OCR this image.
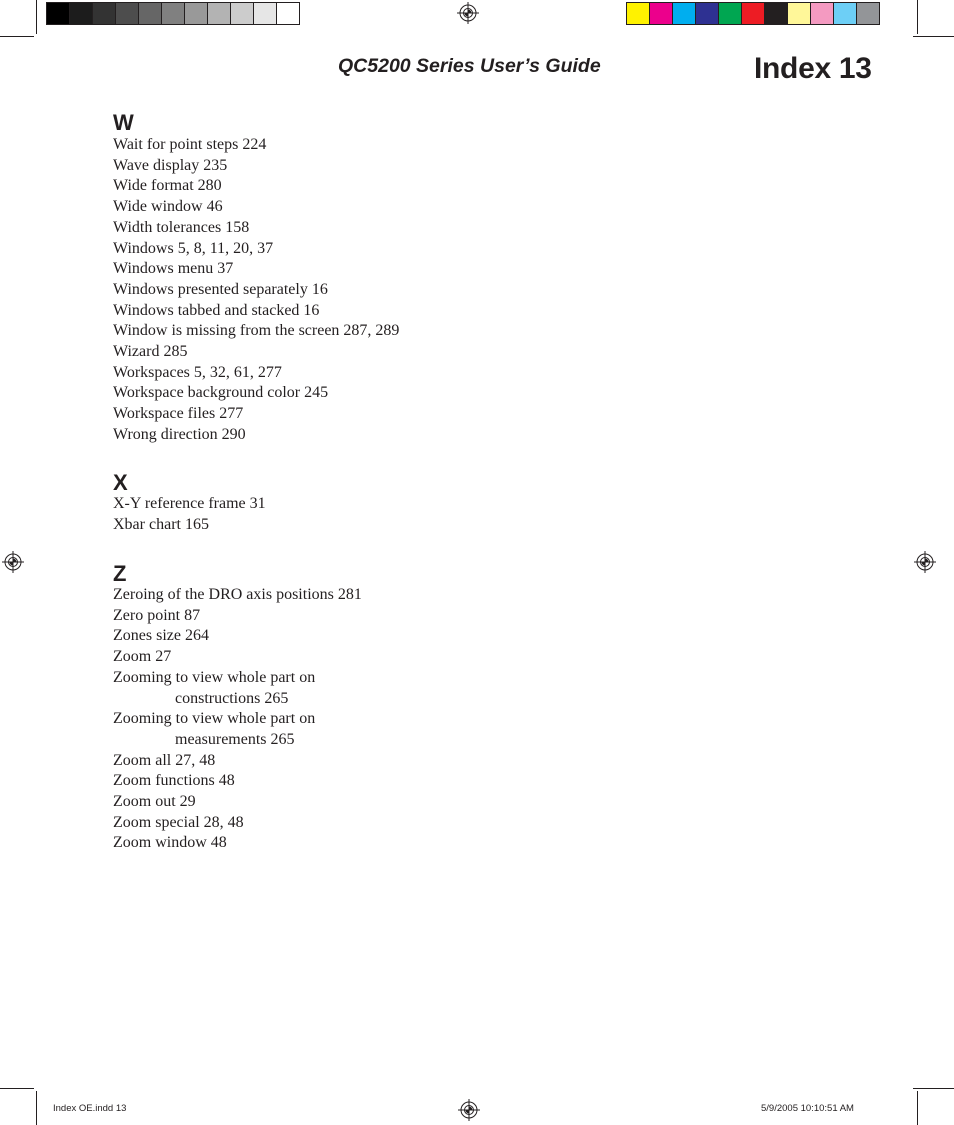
QC5200 Series User’s Guide	Index 13
W
Wait for point steps 224
Wave display 235
Wide format 280
Wide window 46
Width tolerances 158
Windows 5, 8, 11, 20, 37
Windows menu 37
Windows presented separately 16
Windows tabbed and stacked 16
Window is missing from the screen 287, 289
Wizard 285
Workspaces 5, 32, 61, 277
Workspace background color 245
Workspace files 277
Wrong direction 290
X
X-Y reference frame 31
Xbar chart 165
Z
Zeroing of the DRO axis positions 281
Zero point 87
Zones size 264
Zoom 27
Zooming to view whole part on
constructions 265
Zooming to view whole part on
measurements 265
Zoom all 27, 48
Zoom functions 48
Zoom out 29
Zoom special 28, 48
Zoom window 48
Index OE.indd 13	5/9/2005 10:10:51 AM
